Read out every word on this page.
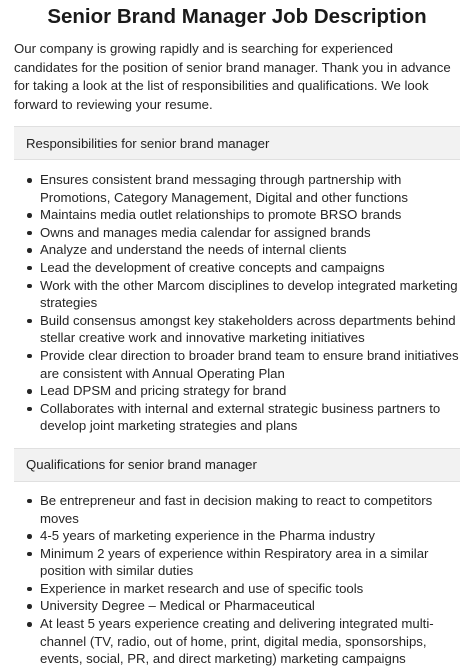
Senior Brand Manager Job Description

Our company is growing rapidly and is searching for experienced candidates for the position of senior brand manager. Thank you in advance for taking a look at the list of responsibilities and qualifications. We look forward to reviewing your resume.

Responsibilities for senior brand manager
Ensures consistent brand messaging through partnership with Promotions, Category Management, Digital and other functions
Maintains media outlet relationships to promote BRSO brands
Owns and manages media calendar for assigned brands
Analyze and understand the needs of internal clients
Lead the development of creative concepts and campaigns
Work with the other Marcom disciplines to develop integrated marketing strategies
Build consensus amongst key stakeholders across departments behind stellar creative work and innovative marketing initiatives
Provide clear direction to broader brand team to ensure brand initiatives are consistent with Annual Operating Plan
Lead DPSM and pricing strategy for brand
Collaborates with internal and external strategic business partners to develop joint marketing strategies and plans
Qualifications for senior brand manager
Be entrepreneur and fast in decision making to react to competitors moves
4-5 years of marketing experience in the Pharma industry
Minimum 2 years of experience within Respiratory area in a similar position with similar duties
Experience in market research and use of specific tools
University Degree – Medical or Pharmaceutical
At least 5 years experience creating and delivering integrated multi-channel (TV, radio, out of home, print, digital media, sponsorships, events, social, PR, and direct marketing) marketing campaigns
